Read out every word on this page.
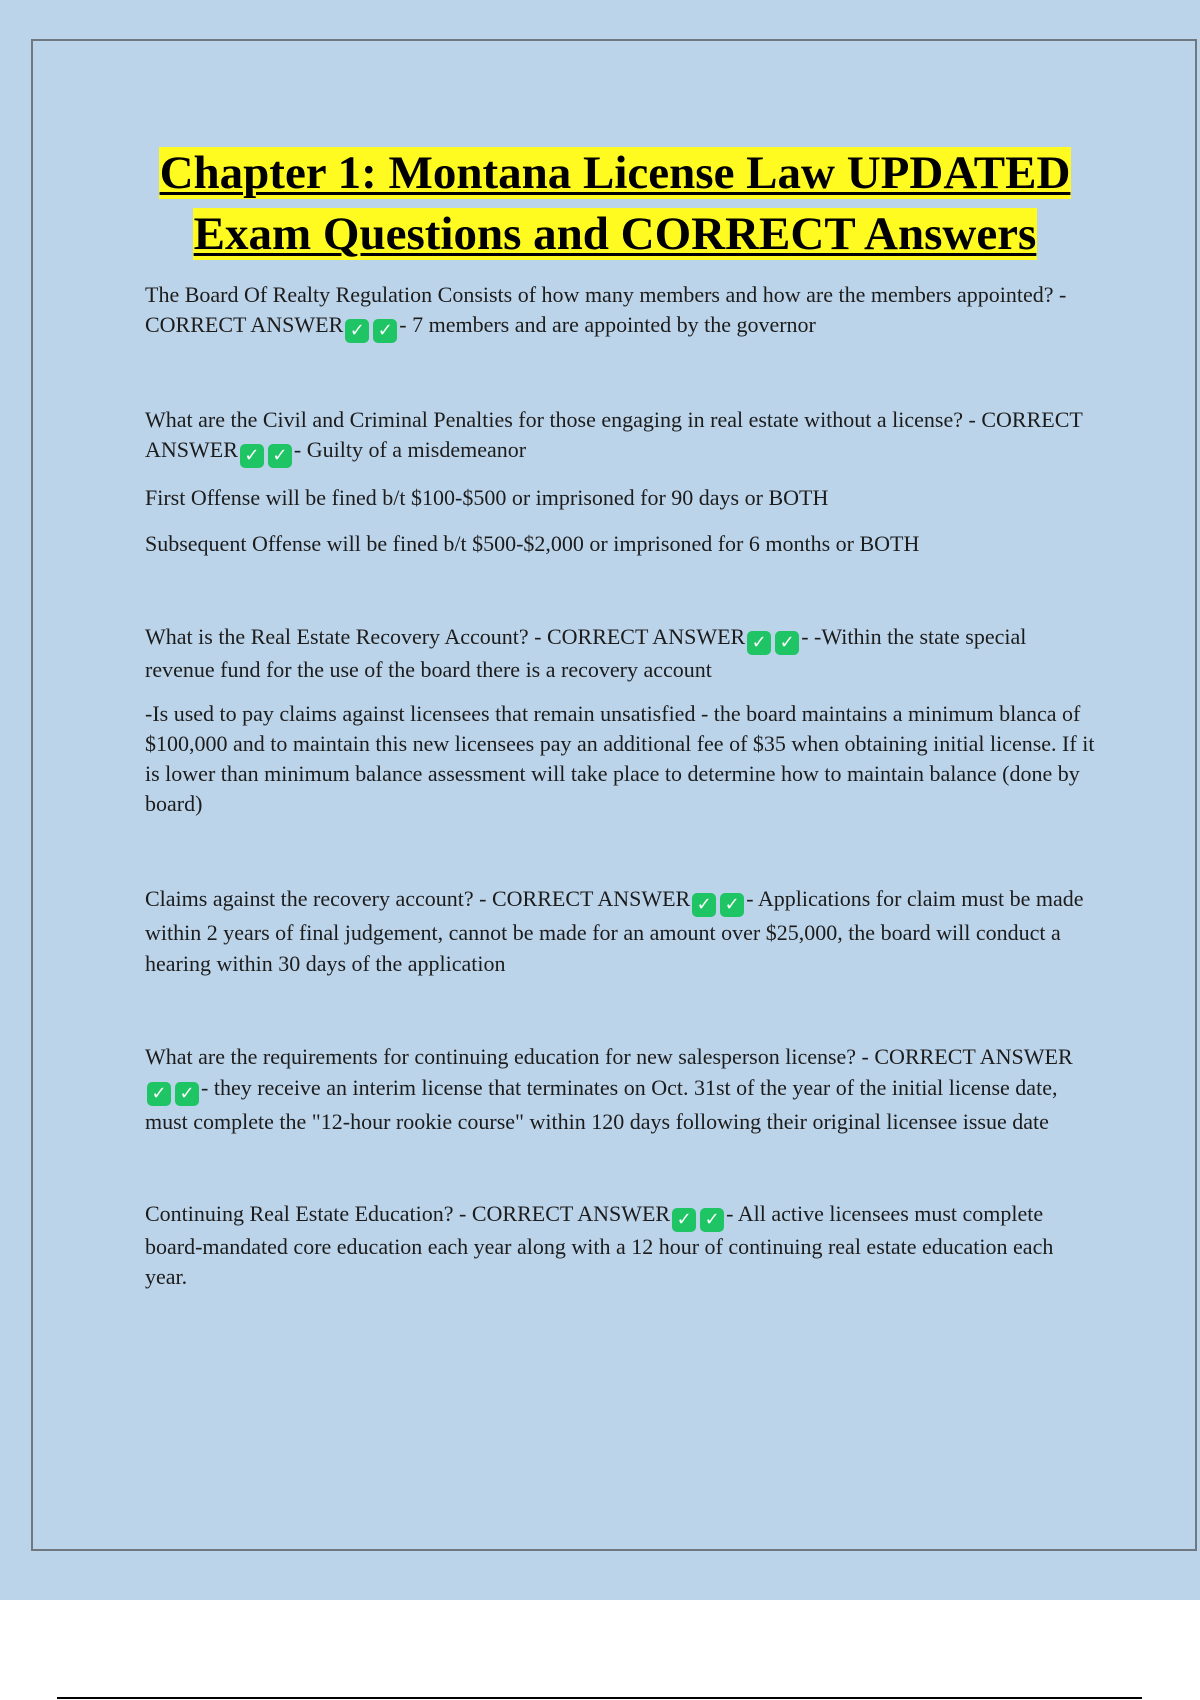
Chapter 1: Montana License Law UPDATED
Exam Questions and CORRECT Answers

The Board Of Realty Regulation Consists of how many members and how are the members appointed? - CORRECT ANSWER ✓ ✓ - 7 members and are appointed by the governor

What are the Civil and Criminal Penalties for those engaging in real estate without a license? - CORRECT ANSWER ✓ ✓ - Guilty of a misdemeanor

First Offense will be fined b/t $100-$500 or imprisoned for 90 days or BOTH

Subsequent Offense will be fined b/t $500-$2,000 or imprisoned for 6 months or BOTH

What is the Real Estate Recovery Account? - CORRECT ANSWER ✓ ✓ - -Within the state special revenue fund for the use of the board there is a recovery account

-Is used to pay claims against licensees that remain unsatisfied - the board maintains a minimum blanca of $100,000 and to maintain this new licensees pay an additional fee of $35 when obtaining initial license. If it is lower than minimum balance assessment will take place to determine how to maintain balance (done by board)

Claims against the recovery account? - CORRECT ANSWER ✓ ✓ - Applications for claim must be made within 2 years of final judgement, cannot be made for an amount over $25,000, the board will conduct a hearing within 30 days of the application

What are the requirements for continuing education for new salesperson license? - CORRECT ANSWER✓ ✓ - they receive an interim license that terminates on Oct. 31st of the year of the initial license date, must complete the "12-hour rookie course" within 120 days following their original licensee issue date

Continuing Real Estate Education? - CORRECT ANSWER ✓ ✓ - All active licensees must complete board-mandated core education each year along with a 12 hour of continuing real estate education each year.
